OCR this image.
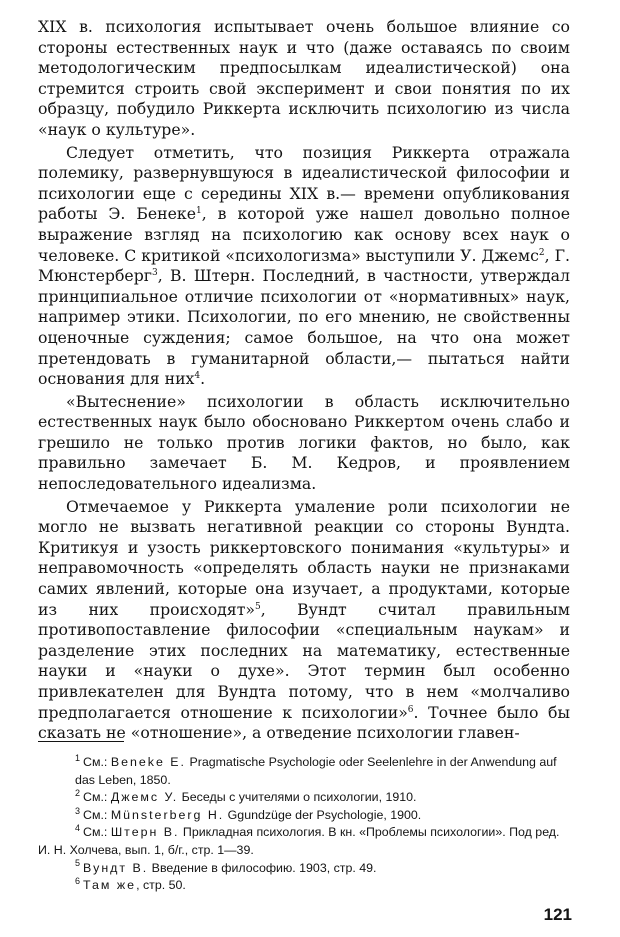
XIX в. психология испытывает очень большое влияние со стороны естественных наук и что (даже оставаясь по своим методологическим предпосылкам идеалистической) она стремится строить свой эксперимент и свои понятия по их образцу, побудило Риккерта исключить психологию из числа «наук о культуре».

Следует отметить, что позиция Риккерта отражала полемику, развернувшуюся в идеалистической философии и психологии еще с середины XIX в.— времени опубликования работы Э. Бенеке$^1$, в которой уже нашел довольно полное выражение взгляд на психологию как основу всех наук о человеке. С критикой «психологизма» выступили У. Джемс$^2$, Г. Мюнстерберг$^3$, В. Штерн. Последний, в частности, утверждал принципиальное отличие психологии от «нормативных» наук, например этики. Психологии, по его мнению, не свойственны оценочные суждения; самое большое, на что она может претендовать в гуманитарной области,— пытаться найти основания для них$^4$.

«Вытеснение» психологии в область исключительно естественных наук было обосновано Риккертом очень слабо и грешило не только против логики фактов, но было, как правильно замечает Б. М. Кедров, и проявлением непоследовательного идеализма.

Отмечаемое у Риккерта умаление роли психологии не могло не вызвать негативной реакции со стороны Вундта. Критикуя и узость риккертовского понимания «культуры» и неправомочность «определять область науки не признаками самих явлений, которые она изучает, а продуктами, которые из них происходят»$^5$, Вундт считал правильным противопоставление философии «специальным наукам» и разделение этих последних на математику, естественные науки и «науки о духе». Этот термин был особенно привлекателен для Вундта потому, что в нем «молчаливо предполагается отношение к психологии»$^6$. Точнее было бы сказать не «отношение», а отведение психологии главен-

$^1$ См.: Beneke E. Pragmatische Psychologie oder Seelenlehre in der Anwendung auf das Leben, 1850.

$^2$ См.: Джемс У. Беседы с учителями о психологии, 1910.

$^3$ См.: Münsterberg H. Ggundzüge der Psychologie, 1900.

$^4$ См.: Штерн В. Прикладная психология. В кн. «Проблемы психологии». Под ред. И. Н. Холчева, вып. 1, б/г., стр. 1—39.

$^5$ Вундт В. Введение в философию. 1903, стр. 49.

$^6$ Там же, стр. 50.

121
